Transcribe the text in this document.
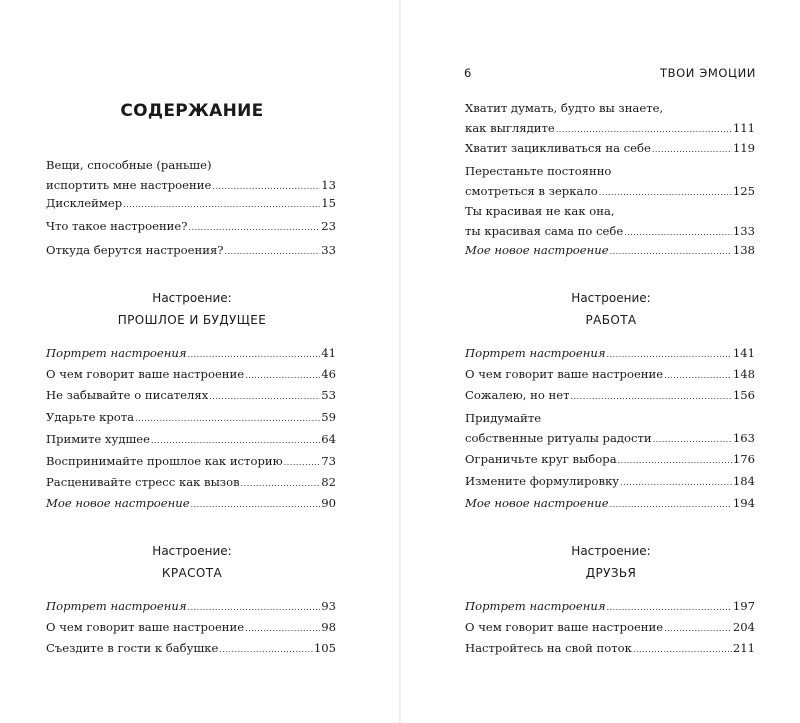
6	ТВОИ ЭМОЦИИ
СОДЕРЖАНИЕ
Вещи, способные (раньше)
испортить мне настроение .....	13
Дисклеймер .....	15
Что такое настроение? .....	23
Откуда берутся настроения? .....	33
Настроение:
ПРОШЛОЕ И БУДУЩЕЕ
Портрет настроения .....	41
О чем говорит ваше настроение .....	46
Не забывайте о писателях .....	53
Ударьте крота .....	59
Примите худшее .....	64
Воспринимайте прошлое как историю .....	73
Расценивайте стресс как вызов .....	82
Мое новое настроение .....	90
Настроение:
КРАСОТА
Портрет настроения .....	93
О чем говорит ваше настроение .....	98
Съездите в гости к бабушке .....	105
Хватит думать, будто вы знаете,
как выглядите .....	111
Хватит зацикливаться на себе .....	119
Перестаньте постоянно
смотреться в зеркало .....	125
Ты красивая не как она,
ты красивая сама по себе .....	133
Мое новое настроение .....	138
Настроение:
РАБОТА
Портрет настроения .....	141
О чем говорит ваше настроение .....	148
Сожалею, но нет .....	156
Придумайте
собственные ритуалы радости .....	163
Ограничьте круг выбора .....	176
Измените формулировку .....	184
Мое новое настроение .....	194
Настроение:
ДРУЗЬЯ
Портрет настроения .....	197
О чем говорит ваше настроение .....	204
Настройтесь на свой поток .....	211
